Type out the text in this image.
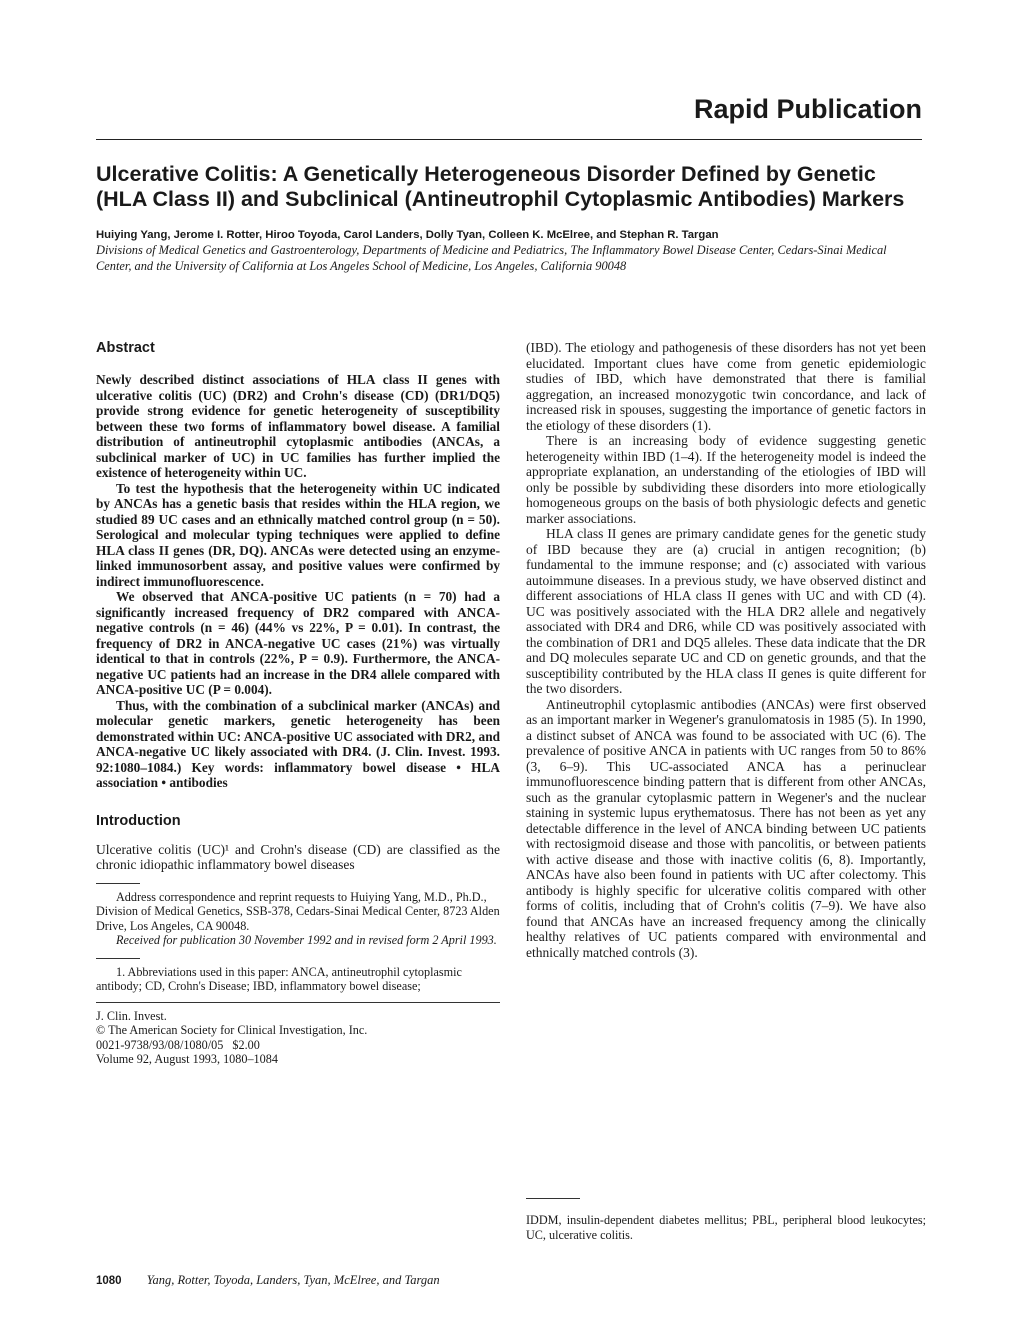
Rapid Publication
Ulcerative Colitis: A Genetically Heterogeneous Disorder Defined by Genetic (HLA Class II) and Subclinical (Antineutrophil Cytoplasmic Antibodies) Markers
Huiying Yang, Jerome I. Rotter, Hiroo Toyoda, Carol Landers, Dolly Tyan, Colleen K. McElree, and Stephan R. Targan
Divisions of Medical Genetics and Gastroenterology, Departments of Medicine and Pediatrics, The Inflammatory Bowel Disease Center, Cedars-Sinai Medical Center, and the University of California at Los Angeles School of Medicine, Los Angeles, California 90048
Abstract

Newly described distinct associations of HLA class II genes with ulcerative colitis (UC) (DR2) and Crohn's disease (CD) (DR1/DQ5) provide strong evidence for genetic heterogeneity of susceptibility between these two forms of inflammatory bowel disease. A familial distribution of antineutrophil cytoplasmic antibodies (ANCAs, a subclinical marker of UC) in UC families has further implied the existence of heterogeneity within UC.

To test the hypothesis that the heterogeneity within UC indicated by ANCAs has a genetic basis that resides within the HLA region, we studied 89 UC cases and an ethnically matched control group (n = 50). Serological and molecular typing techniques were applied to define HLA class II genes (DR, DQ). ANCAs were detected using an enzyme-linked immunosorbent assay, and positive values were confirmed by indirect immunofluorescence.

We observed that ANCA-positive UC patients (n = 70) had a significantly increased frequency of DR2 compared with ANCA-negative controls (n = 46) (44% vs 22%, P = 0.01). In contrast, the frequency of DR2 in ANCA-negative UC cases (21%) was virtually identical to that in controls (22%, P = 0.9). Furthermore, the ANCA-negative UC patients had an increase in the DR4 allele compared with ANCA-positive UC (P = 0.004).

Thus, with the combination of a subclinical marker (ANCAs) and molecular genetic markers, genetic heterogeneity has been demonstrated within UC: ANCA-positive UC associated with DR2, and ANCA-negative UC likely associated with DR4. (J. Clin. Invest. 1993. 92:1080–1084.) Key words: inflammatory bowel disease • HLA association • antibodies

Introduction

Ulcerative colitis (UC)¹ and Crohn's disease (CD) are classified as the chronic idiopathic inflammatory bowel diseases

Address correspondence and reprint requests to Huiying Yang, M.D., Ph.D., Division of Medical Genetics, SSB-378, Cedars-Sinai Medical Center, 8723 Alden Drive, Los Angeles, CA 90048.

Received for publication 30 November 1992 and in revised form 2 April 1993.

1. Abbreviations used in this paper: ANCA, antineutrophil cytoplasmic antibody; CD, Crohn's Disease; IBD, inflammatory bowel disease;

J. Clin. Invest.
© The American Society for Clinical Investigation, Inc.
0021-9738/93/08/1080/05   $2.00
Volume 92, August 1993, 1080–1084

(IBD). The etiology and pathogenesis of these disorders has not yet been elucidated. Important clues have come from genetic epidemiologic studies of IBD, which have demonstrated that there is familial aggregation, an increased monozygotic twin concordance, and lack of increased risk in spouses, suggesting the importance of genetic factors in the etiology of these disorders (1).

There is an increasing body of evidence suggesting genetic heterogeneity within IBD (1–4). If the heterogeneity model is indeed the appropriate explanation, an understanding of the etiologies of IBD will only be possible by subdividing these disorders into more etiologically homogeneous groups on the basis of both physiologic defects and genetic marker associations.

HLA class II genes are primary candidate genes for the genetic study of IBD because they are (a) crucial in antigen recognition; (b) fundamental to the immune response; and (c) associated with various autoimmune diseases. In a previous study, we have observed distinct and different associations of HLA class II genes with UC and with CD (4). UC was positively associated with the HLA DR2 allele and negatively associated with DR4 and DR6, while CD was positively associated with the combination of DR1 and DQ5 alleles. These data indicate that the DR and DQ molecules separate UC and CD on genetic grounds, and that the susceptibility contributed by the HLA class II genes is quite different for the two disorders.

Antineutrophil cytoplasmic antibodies (ANCAs) were first observed as an important marker in Wegener's granulomatosis in 1985 (5). In 1990, a distinct subset of ANCA was found to be associated with UC (6). The prevalence of positive ANCA in patients with UC ranges from 50 to 86% (3, 6–9). This UC-associated ANCA has a perinuclear immunofluorescence binding pattern that is different from other ANCAs, such as the granular cytoplasmic pattern in Wegener's and the nuclear staining in systemic lupus erythematosus. There has not been as yet any detectable difference in the level of ANCA binding between UC patients with rectosigmoid disease and those with pancolitis, or between patients with active disease and those with inactive colitis (6, 8). Importantly, ANCAs have also been found in patients with UC after colectomy. This antibody is highly specific for ulcerative colitis compared with other forms of colitis, including that of Crohn's colitis (7–9). We have also found that ANCAs have an increased frequency among the clinically healthy relatives of UC patients compared with environmental and ethnically matched controls (3).

IDDM, insulin-dependent diabetes mellitus; PBL, peripheral blood leukocytes; UC, ulcerative colitis.
1080 Yang, Rotter, Toyoda, Landers, Tyan, McElree, and Targan
